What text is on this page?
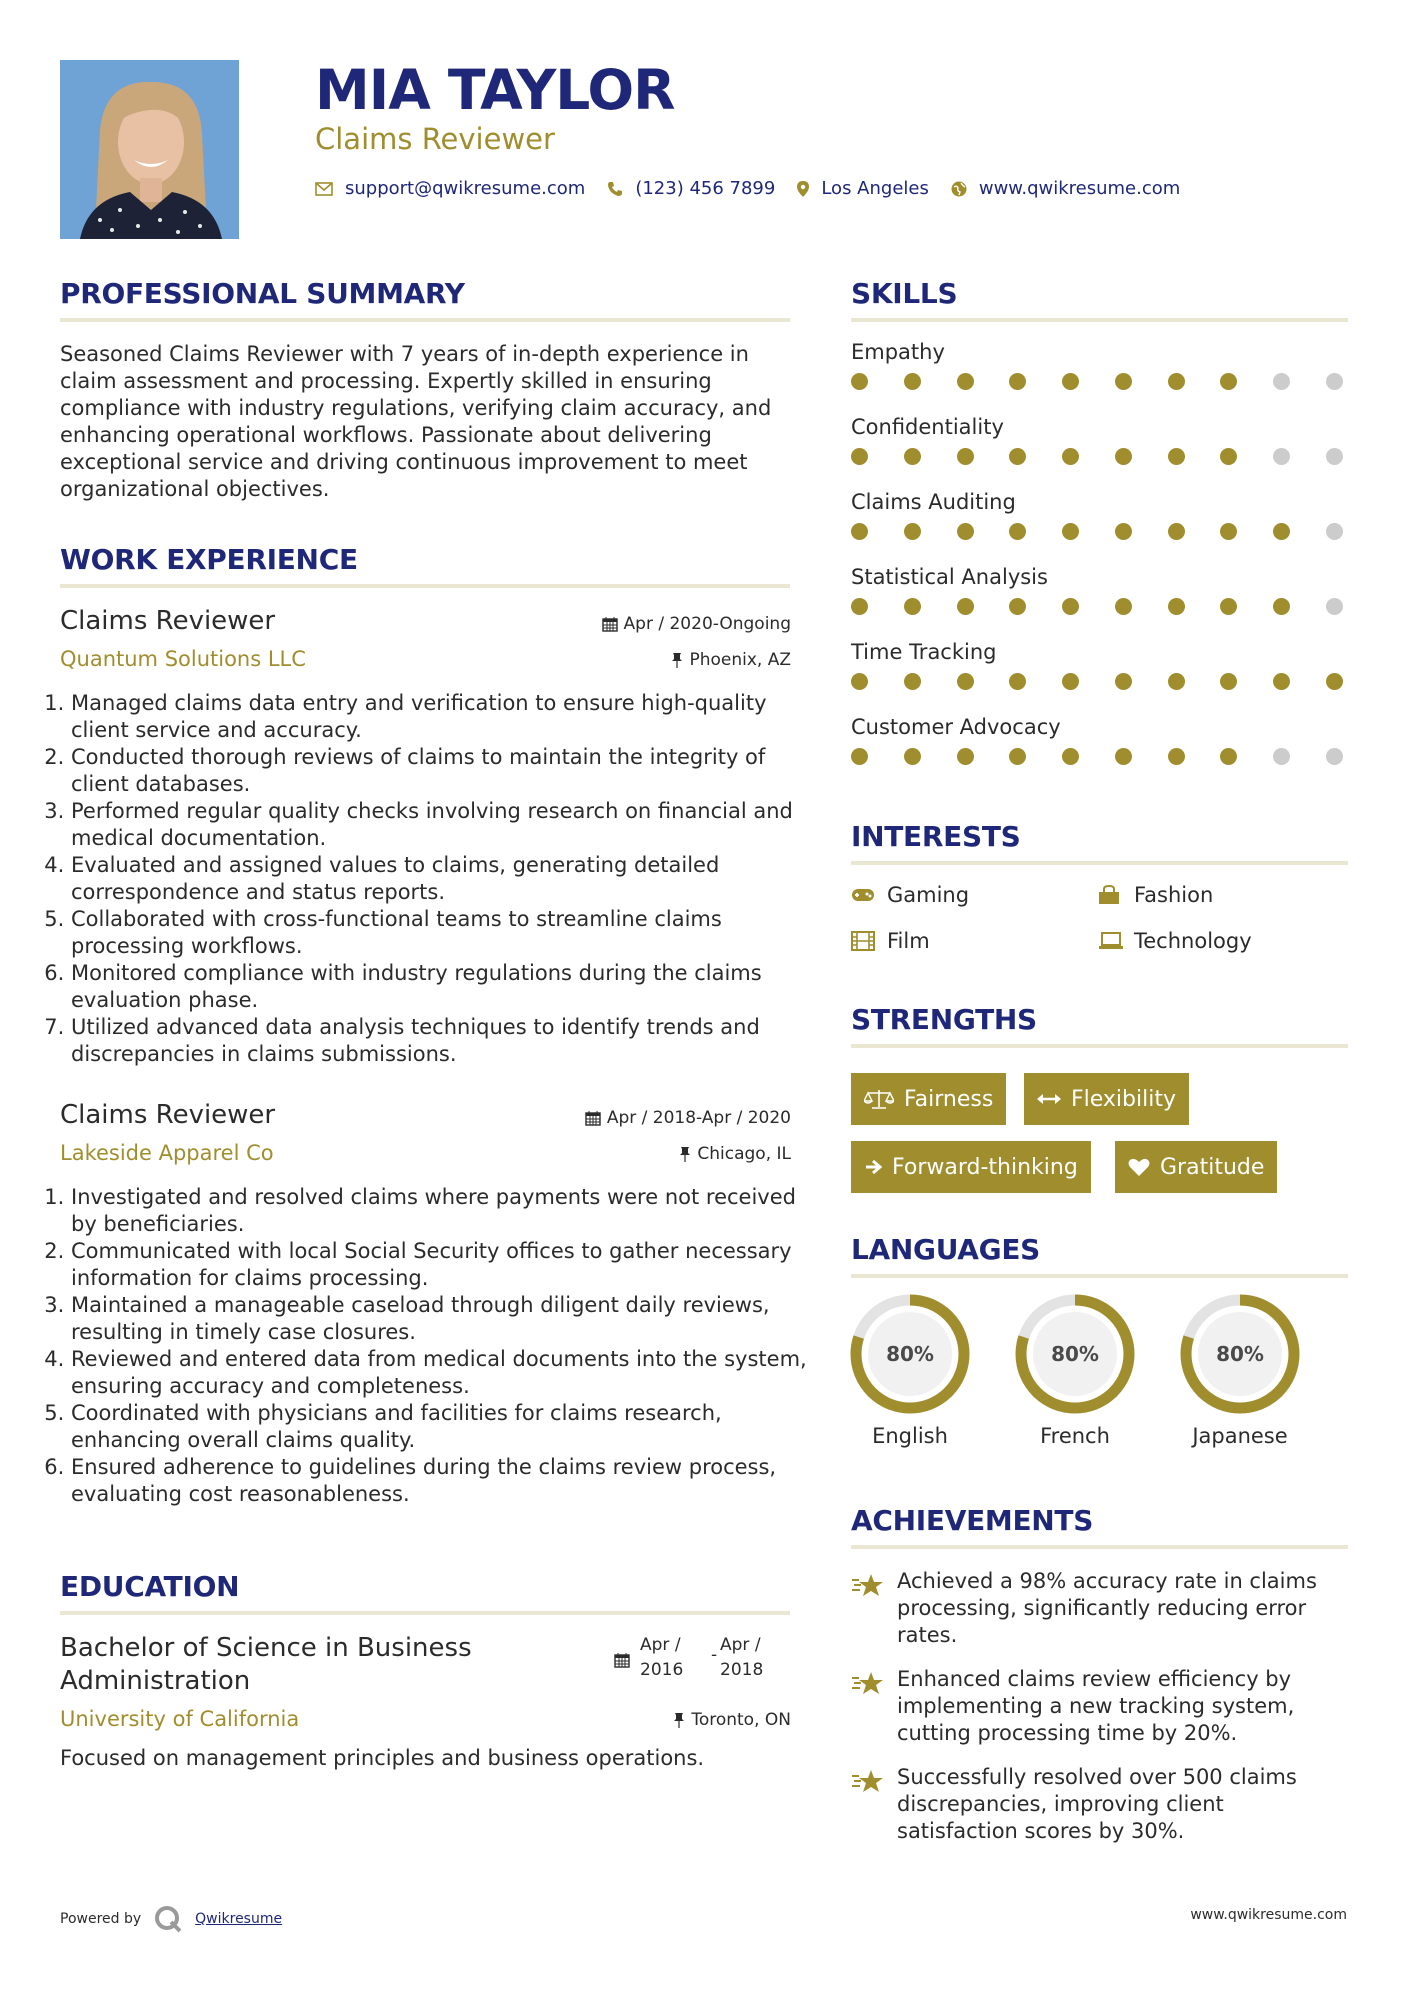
MIA TAYLOR
Claims Reviewer
support@qwikresume.com	(123) 456 7899	Los Angeles	www.qwikresume.com
PROFESSIONAL SUMMARY
Seasoned Claims Reviewer with 7 years of in-depth experience in claim assessment and processing. Expertly skilled in ensuring compliance with industry regulations, verifying claim accuracy, and enhancing operational workflows. Passionate about delivering exceptional service and driving continuous improvement to meet organizational objectives.
WORK EXPERIENCE
Claims Reviewer	Apr / 2020-Ongoing
Quantum Solutions LLC	Phoenix, AZ
1. Managed claims data entry and verification to ensure high-quality client service and accuracy.
2. Conducted thorough reviews of claims to maintain the integrity of client databases.
3. Performed regular quality checks involving research on financial and medical documentation.
4. Evaluated and assigned values to claims, generating detailed correspondence and status reports.
5. Collaborated with cross-functional teams to streamline claims processing workflows.
6. Monitored compliance with industry regulations during the claims evaluation phase.
7. Utilized advanced data analysis techniques to identify trends and discrepancies in claims submissions.
Claims Reviewer	Apr / 2018-Apr / 2020
Lakeside Apparel Co	Chicago, IL
1. Investigated and resolved claims where payments were not received by beneficiaries.
2. Communicated with local Social Security offices to gather necessary information for claims processing.
3. Maintained a manageable caseload through diligent daily reviews, resulting in timely case closures.
4. Reviewed and entered data from medical documents into the system, ensuring accuracy and completeness.
5. Coordinated with physicians and facilities for claims research, enhancing overall claims quality.
6. Ensured adherence to guidelines during the claims review process, evaluating cost reasonableness.
EDUCATION
Bachelor of Science in Business
Administration
Apr /
2016
- Apr /
2018
University of California	Toronto, ON
Focused on management principles and business operations.
SKILLS
Empathy
Confidentiality
Claims Auditing
Statistical Analysis
Time Tracking
Customer Advocacy
INTERESTS
Gaming	Fashion
Film	Technology
STRENGTHS
Fairness	Flexibility
Forward-thinking	Gratitude
LANGUAGES
80%
English
80%
French
80%
Japanese
ACHIEVEMENTS
Achieved a 98% accuracy rate in claims processing, significantly reducing error rates.
Enhanced claims review efficiency by implementing a new tracking system, cutting processing time by 20%.
Successfully resolved over 500 claims discrepancies, improving client satisfaction scores by 30%.
Powered by	Qwikresume	www.qwikresume.com
